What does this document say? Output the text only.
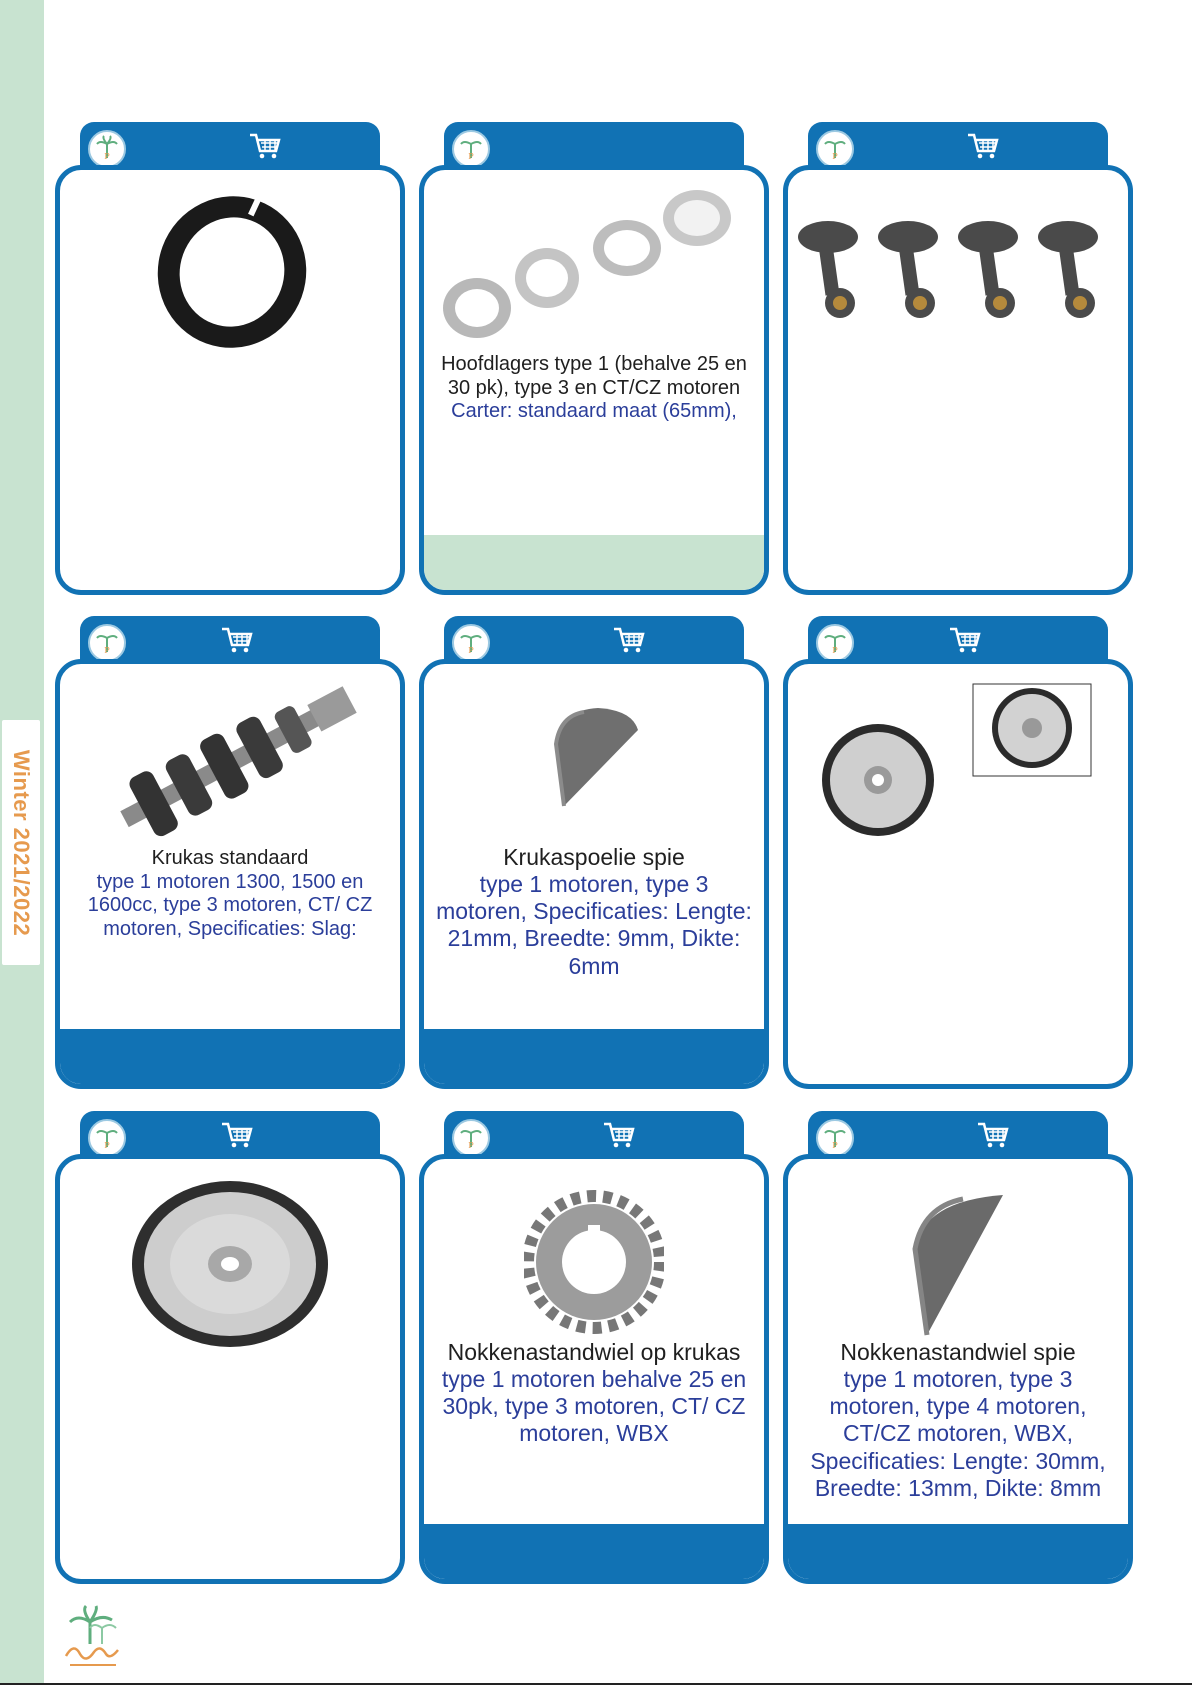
Winter 2021/2022
P	P
Hoofdlagers type 1 (behalve 25 en 30 pk), type 3 en CT/CZ motoren
Carter: standaard maat (65mm),
P
P
Krukas standaard
type 1 motoren 1300, 1500 en 1600cc, type 3 motoren, CT/ CZ motoren, Specificaties: Slag:
P
Krukaspoelie spie
type 1 motoren, type 3 motoren, Specificaties: Lengte: 21mm, Breedte: 9mm, Dikte: 6mm
P
P	P
Nokkenastandwiel op krukas
type 1 motoren behalve 25 en 30pk, type 3 motoren, CT/ CZ motoren, WBX
P
Nokkenastandwiel spie
type 1 motoren, type 3 motoren, type 4 motoren, CT/CZ motoren, WBX, Specificaties: Lengte: 30mm, Breedte: 13mm, Dikte: 8mm
